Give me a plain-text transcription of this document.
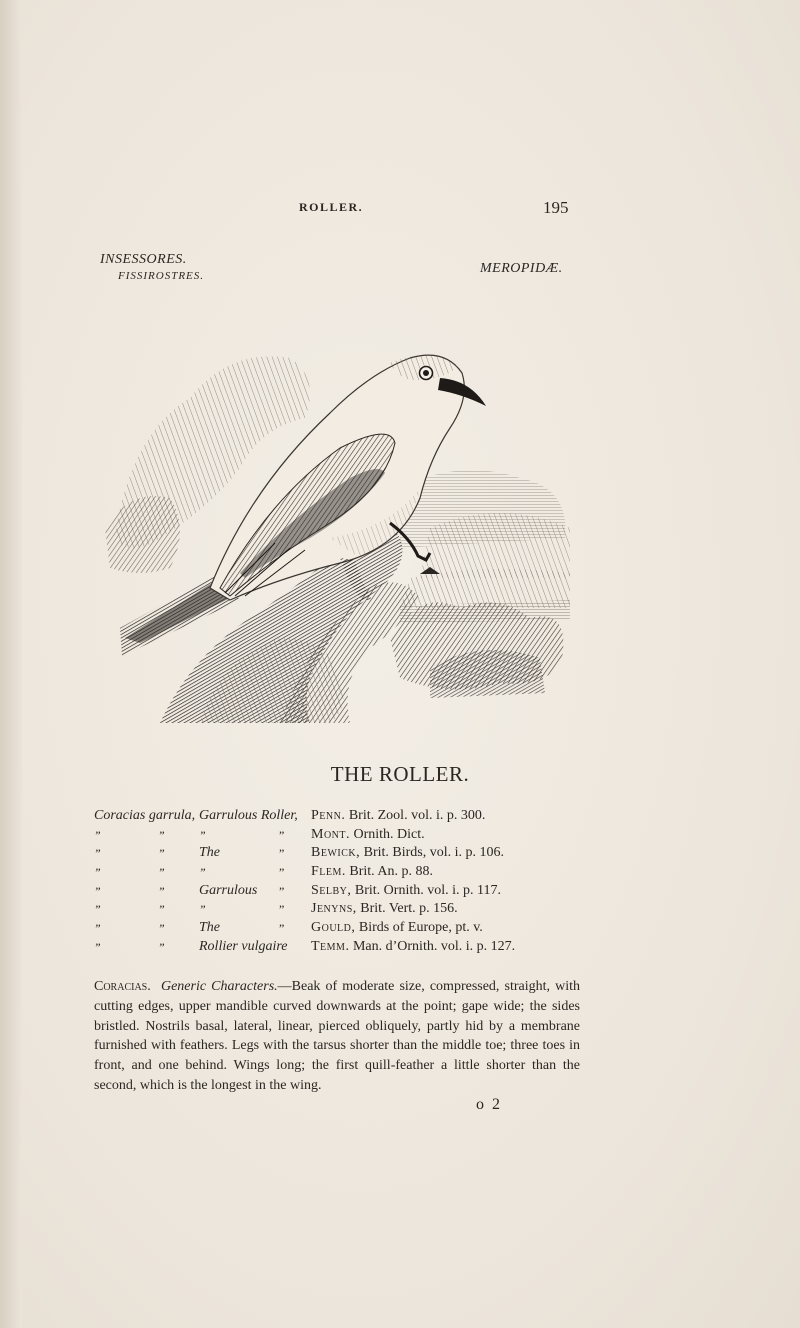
ROLLER.	195
INSESSORES.
FISSIROSTRES.	MEROPIDÆ.
THE ROLLER.
Coracias garrula, Garrulous Roller, Penn. Brit. Zool. vol. i. p. 300.
”	”	”	” Mont. Ornith. Dict.
”	” The	” Bewick, Brit. Birds, vol. i. p. 106.
”	”	”	” Flem. Brit. An. p. 88.
”	” Garrulous ” Selby, Brit. Ornith. vol. i. p. 117.
”	”	”	” Jenyns, Brit. Vert. p. 156.
”	” The	” Gould, Birds of Europe, pt. v.
”	” Rollier vulgaire Temm. Man. d’Ornith. vol. i. p. 127.
Coracias. Generic Characters.—Beak of moderate size, compressed, straight, with cutting edges, upper mandible curved downwards at the point; gape wide; the sides bristled. Nostrils basal, lateral, linear, pierced obliquely, partly hid by a membrane furnished with feathers. Legs with the tarsus shorter than the middle toe; three toes in front, and one behind. Wings long; the first quill-feather a little shorter than the second, which is the longest in the wing.
o 2
